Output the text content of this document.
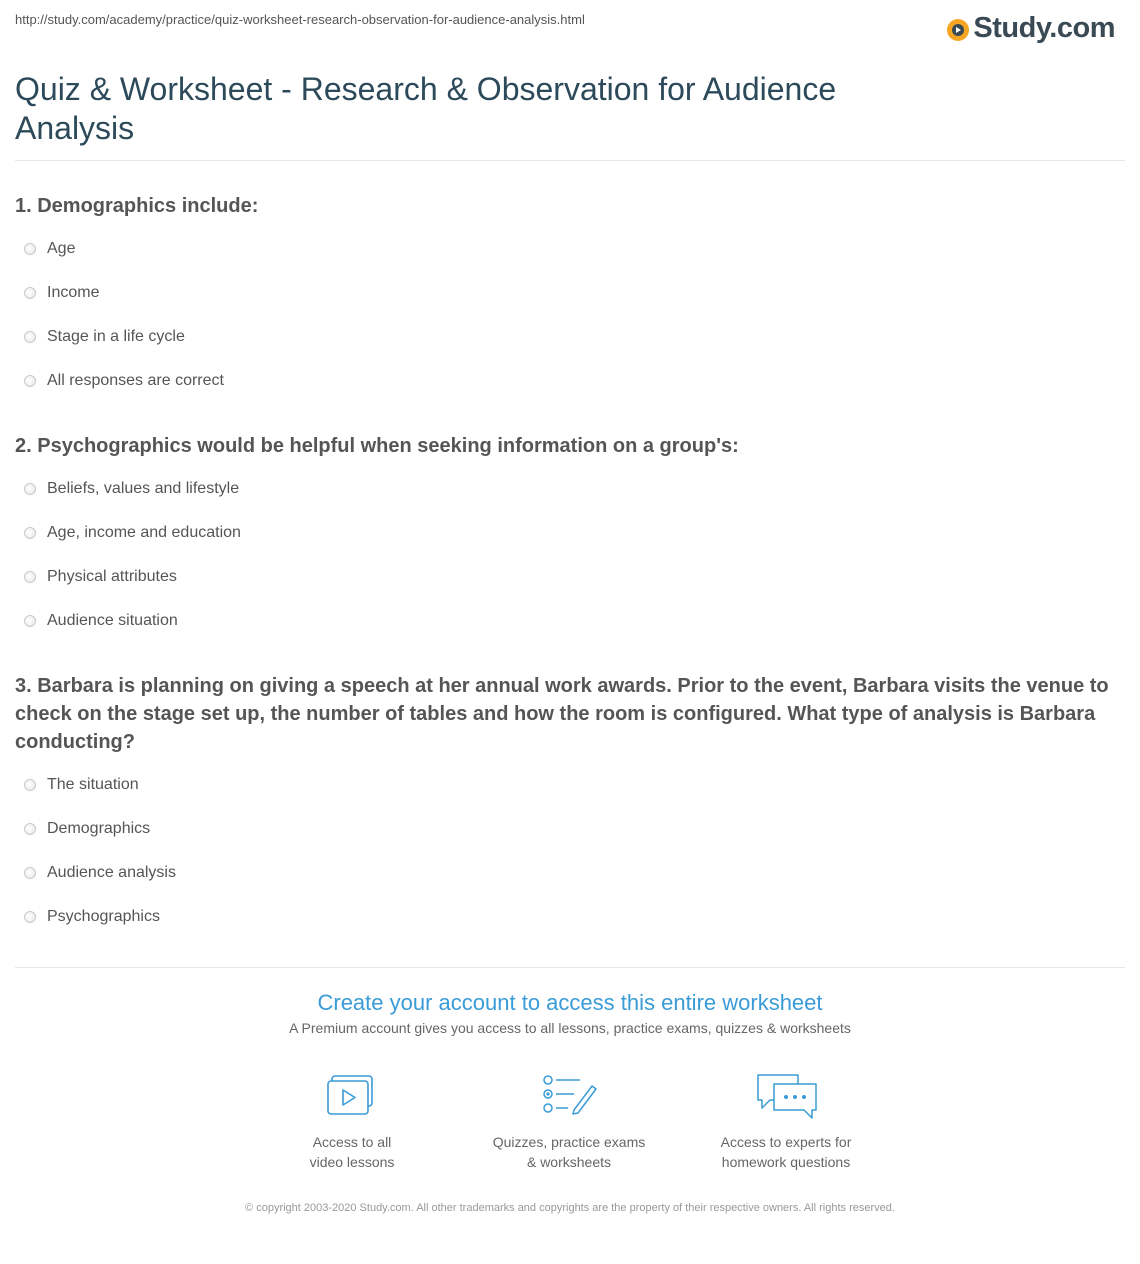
http://study.com/academy/practice/quiz-worksheet-research-observation-for-audience-analysis.html	Study.com
Quiz & Worksheet - Research & Observation for Audience Analysis

1. Demographics include:

Age
Income
Stage in a life cycle
All responses are correct

2. Psychographics would be helpful when seeking information on a group's:

Beliefs, values and lifestyle
Age, income and education
Physical attributes
Audience situation

3. Barbara is planning on giving a speech at her annual work awards. Prior to the event, Barbara visits the venue to check on the stage set up, the number of tables and how the room is configured. What type of analysis is Barbara conducting?

The situation
Demographics
Audience analysis
Psychographics

Create your account to access this entire worksheet

A Premium account gives you access to all lessons, practice exams, quizzes & worksheets
Access to all
video lessons
Quizzes, practice exams
& worksheets
Access to experts for
homework questions
© copyright 2003-2020 Study.com. All other trademarks and copyrights are the property of their respective owners. All rights reserved.
